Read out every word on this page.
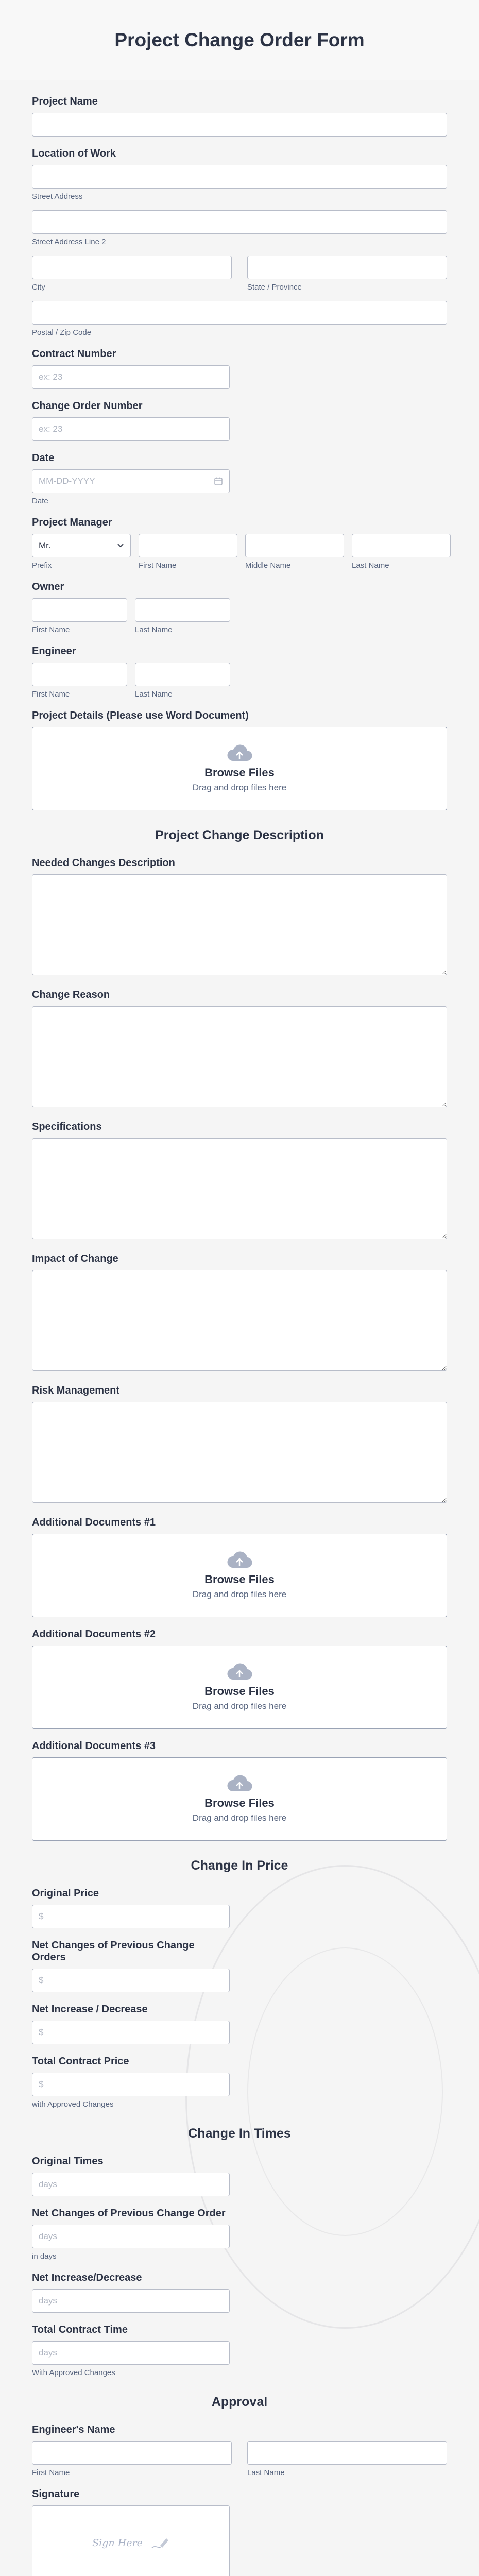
Project Change Order Form
Project Name
Location of Work
Street Address
Street Address Line 2
City	State / Province
Postal / Zip Code
Contract Number
ex: 23
Change Order Number
ex: 23
Date
MM-DD-YYYY
Date
Project Manager
Mr.
Prefix	First Name	Middle Name	Last Name
Owner
First Name	Last Name
Engineer
First Name	Last Name
Project Details (Please use Word Document)
Browse Files
Drag and drop files here
Project Change Description
Needed Changes Description
Change Reason
Specifications
Impact of Change
Risk Management
Additional Documents #1
Browse Files
Drag and drop files here
Additional Documents #2
Browse Files
Drag and drop files here
Additional Documents #3
Browse Files
Drag and drop files here
Change In Price
Original Price
$
Net Changes of Previous Change Orders
$
Net Increase / Decrease
$
Total Contract Price
$
with Approved Changes
Change In Times
Original Times
days
Net Changes of Previous Change Order
days
in days
Net Increase/Decrease
days
Total Contract Time
days
With Approved Changes
Approval
Engineer's Name
First Name	Last Name
Signature
Sign Here
